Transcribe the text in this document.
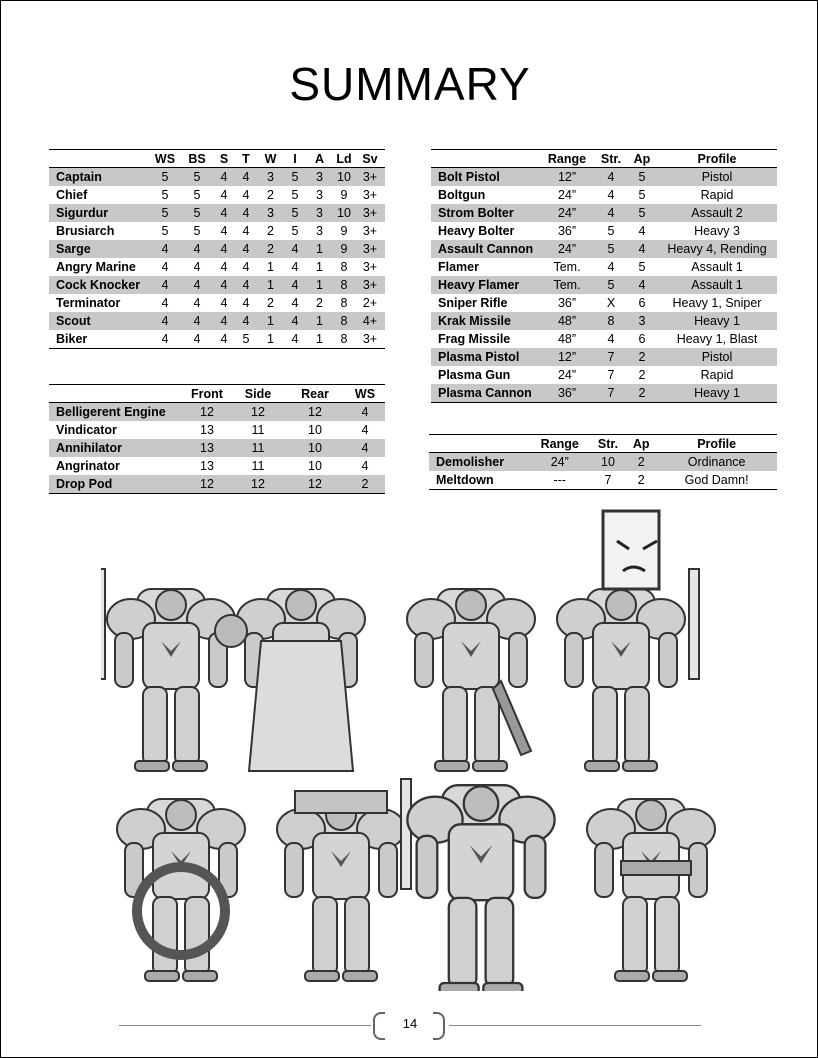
SUMMARY
	WS	BS	S	T	W	I	A	Ld	Sv
Captain	5	5	4	4	3	5	3	10	3+
Chief	5	5	4	4	2	5	3	9	3+
Sigurdur	5	5	4	4	3	5	3	10	3+
Brusiarch	5	5	4	4	2	5	3	9	3+
Sarge	4	4	4	4	2	4	1	9	3+
Angry Marine	4	4	4	4	1	4	1	8	3+
Cock Knocker	4	4	4	4	1	4	1	8	3+
Terminator	4	4	4	4	2	4	2	8	2+
Scout	4	4	4	4	1	4	1	8	4+
Biker	4	4	4	5	1	4	1	8	3+
	Front	Side	Rear	WS
Belligerent Engine	12	12	12	4
Vindicator	13	11	10	4
Annihilator	13	11	10	4
Angrinator	13	11	10	4
Drop Pod	12	12	12	2
	Range	Str.	Ap	Profile
Bolt Pistol	12”	4	5	Pistol
Boltgun	24”	4	5	Rapid
Strom Bolter	24”	4	5	Assault 2
Heavy Bolter	36”	5	4	Heavy 3
Assault Cannon	24”	5	4	Heavy 4, Rending
Flamer	Tem.	4	5	Assault 1
Heavy Flamer	Tem.	5	4	Assault 1
Sniper Rifle	36”	X	6	Heavy 1, Sniper
Krak Missile	48”	8	3	Heavy 1
Frag Missile	48”	4	6	Heavy 1, Blast
Plasma Pistol	12”	7	2	Pistol
Plasma Gun	24”	7	2	Rapid
Plasma Cannon	36”	7	2	Heavy 1
	Range	Str.	Ap	Profile
Demolisher	24”	10	2	Ordinance
Meltdown	---	7	2	God Damn!
14
